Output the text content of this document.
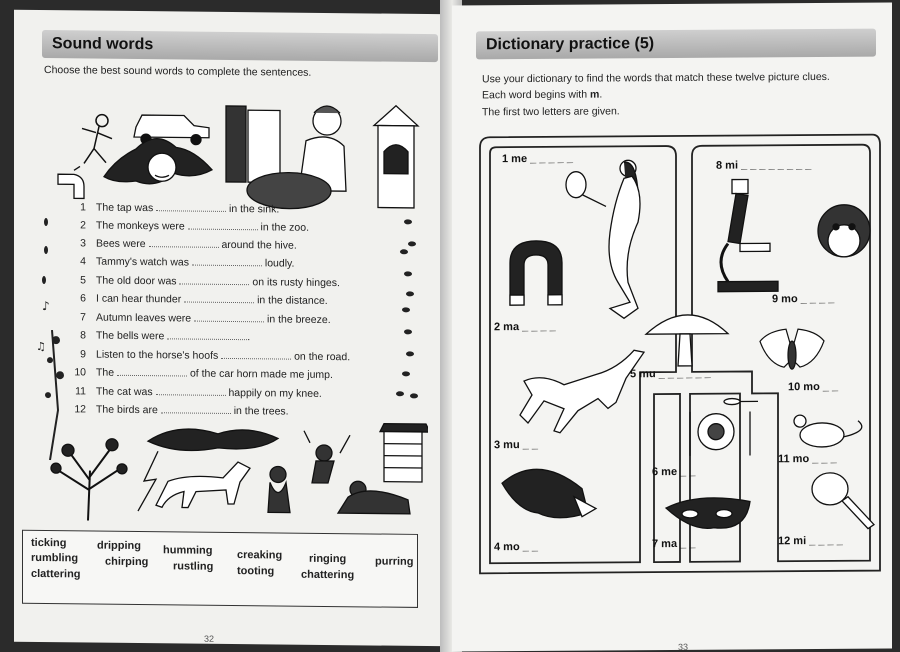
Sound words
Choose the best sound words to complete the sentences.
♪
♫
1 The tap was	in the sink.
2 The monkeys were	in the zoo.
3 Bees were	around the hive.
4 Tammy's watch was	loudly.
5 The old door was	on its rusty hinges.
6 I can hear thunder	in the distance.
7 Autumn leaves were	in the breeze.
8 The bells were	.
9 Listen to the horse's hoofs	on the road.
10 The	of the car horn made me jump.
11 The cat was	happily on my knee.
12 The birds are	in the trees.
ticking	dripping humming creaking ringing	purring
rumbling chirping rustling tooting chattering
clattering
32
Dictionary practice (5)
Use your dictionary to find the words that match these twelve picture clues.
Each word begins with m.
The first two letters are given.
1 me _ _ _ _ _
2 ma _ _ _ _
3 mu _ _
4 mo _ _
5 mu _ _ _ _ _ _
6 me _ _
7 ma _ _
8 mi _ _ _ _ _ _ _ _
9 mo _ _ _ _
10 mo _ _
11 mo _ _ _
12 mi _ _ _ _
33
